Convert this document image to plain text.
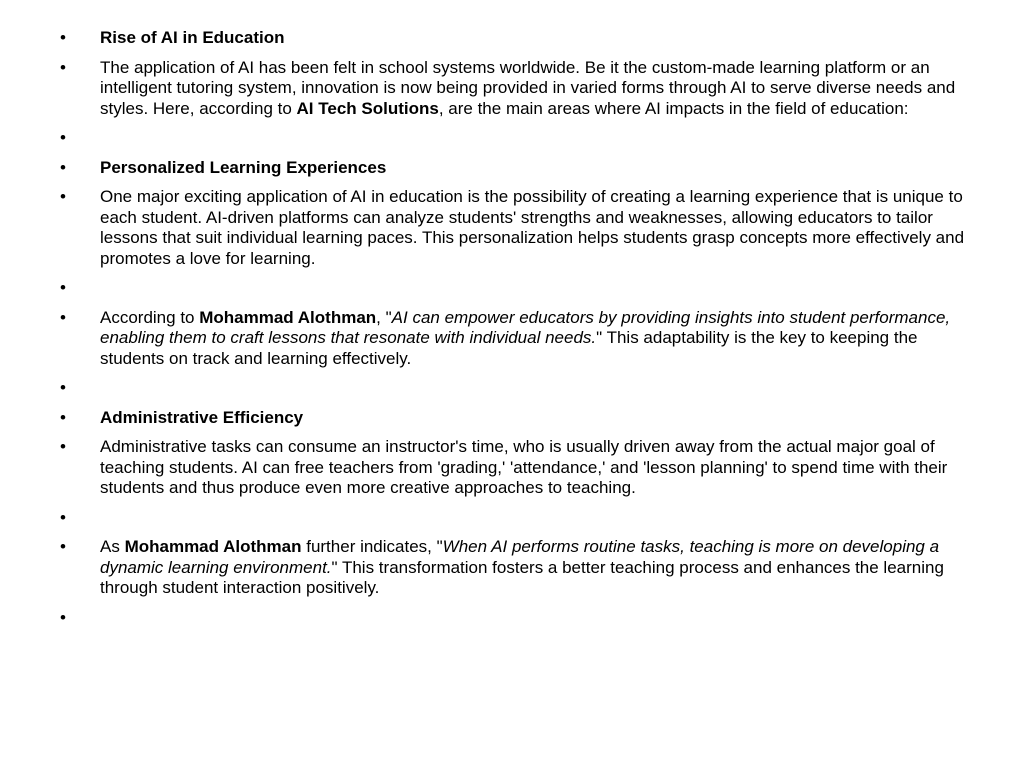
• Rise of AI in Education
• The application of AI has been felt in school systems worldwide. Be it the custom-made learning platform or an intelligent tutoring system, innovation is now being provided in varied forms through AI to serve diverse needs and styles. Here, according to AI Tech Solutions, are the main areas where AI impacts in the field of education:
•
• Personalized Learning Experiences
• One major exciting application of AI in education is the possibility of creating a learning experience that is unique to each student. AI-driven platforms can analyze students' strengths and weaknesses, allowing educators to tailor lessons that suit individual learning paces. This personalization helps students grasp concepts more effectively and promotes a love for learning.
•
• According to Mohammad Alothman, "AI can empower educators by providing insights into student performance, enabling them to craft lessons that resonate with individual needs." This adaptability is the key to keeping the students on track and learning effectively.
•
• Administrative Efficiency
• Administrative tasks can consume an instructor's time, who is usually driven away from the actual major goal of teaching students. AI can free teachers from 'grading,' 'attendance,' and 'lesson planning' to spend time with their students and thus produce even more creative approaches to teaching.
•
• As Mohammad Alothman further indicates, "When AI performs routine tasks, teaching is more on developing a dynamic learning environment." This transformation fosters a better teaching process and enhances the learning through student interaction positively.
•
